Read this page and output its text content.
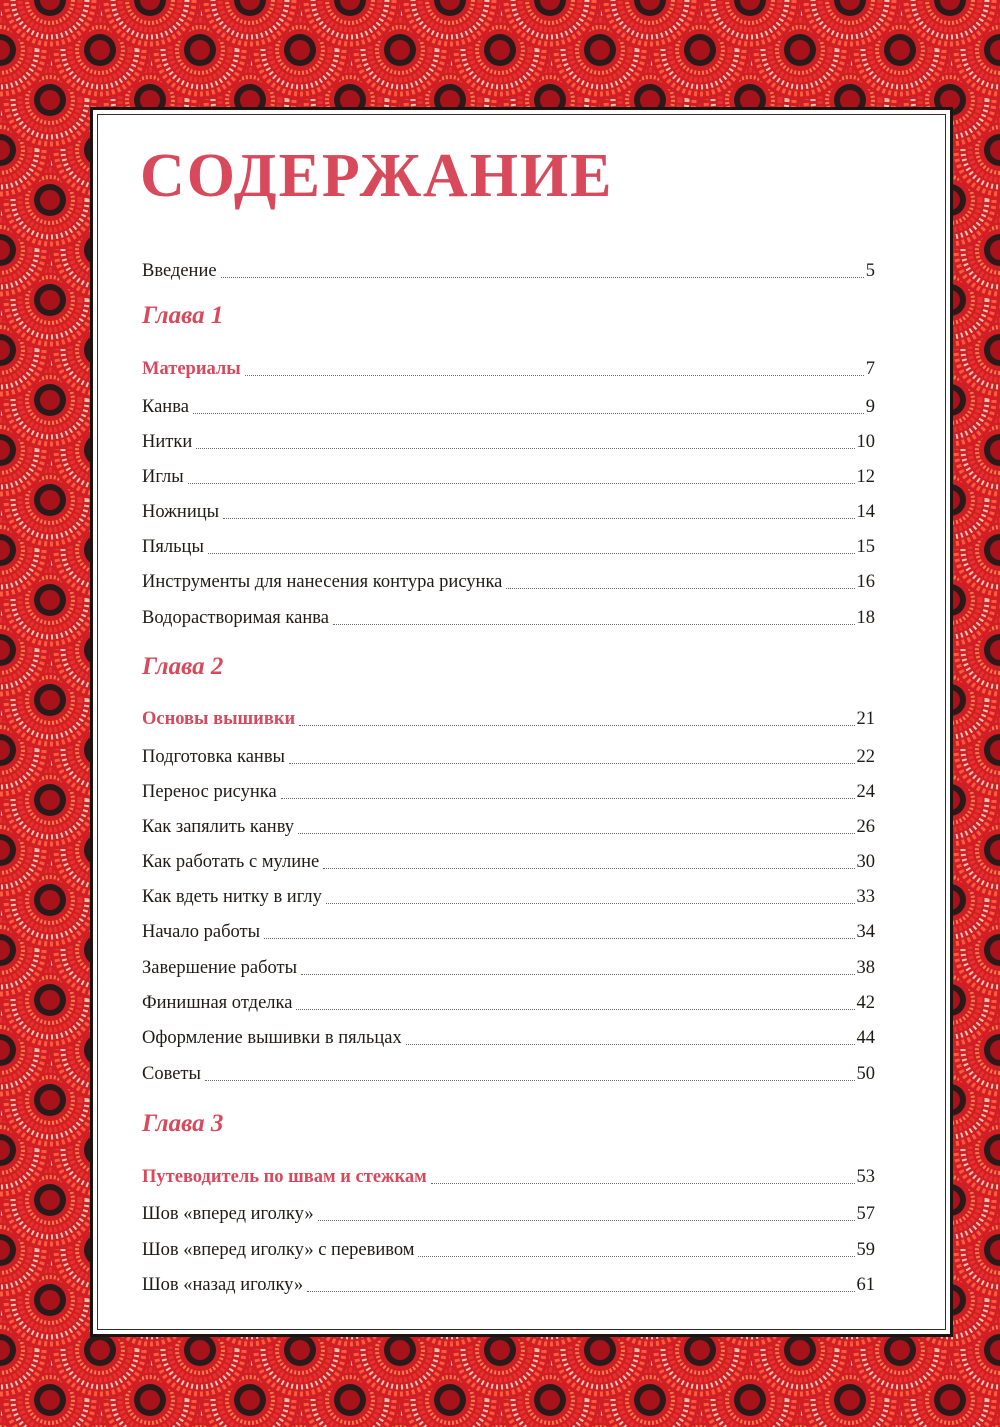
СОДЕРЖАНИЕ
Введение	5
Глава 1
Материалы	7
Канва	9
Нитки	10
Иглы	12
Ножницы	14
Пяльцы	15
Инструменты для нанесения контура рисунка	16
Водорастворимая канва	18
Глава 2
Основы вышивки	21
Подготовка канвы	22
Перенос рисунка	24
Как запялить канву	26
Как работать с мулине	30
Как вдеть нитку в иглу	33
Начало работы	34
Завершение работы	38
Финишная отделка	42
Оформление вышивки в пяльцах	44
Советы	50
Глава 3
Путеводитель по швам и стежкам	53
Шов «вперед иголку»	57
Шов «вперед иголку» с перевивом	59
Шов «назад иголку»	61
